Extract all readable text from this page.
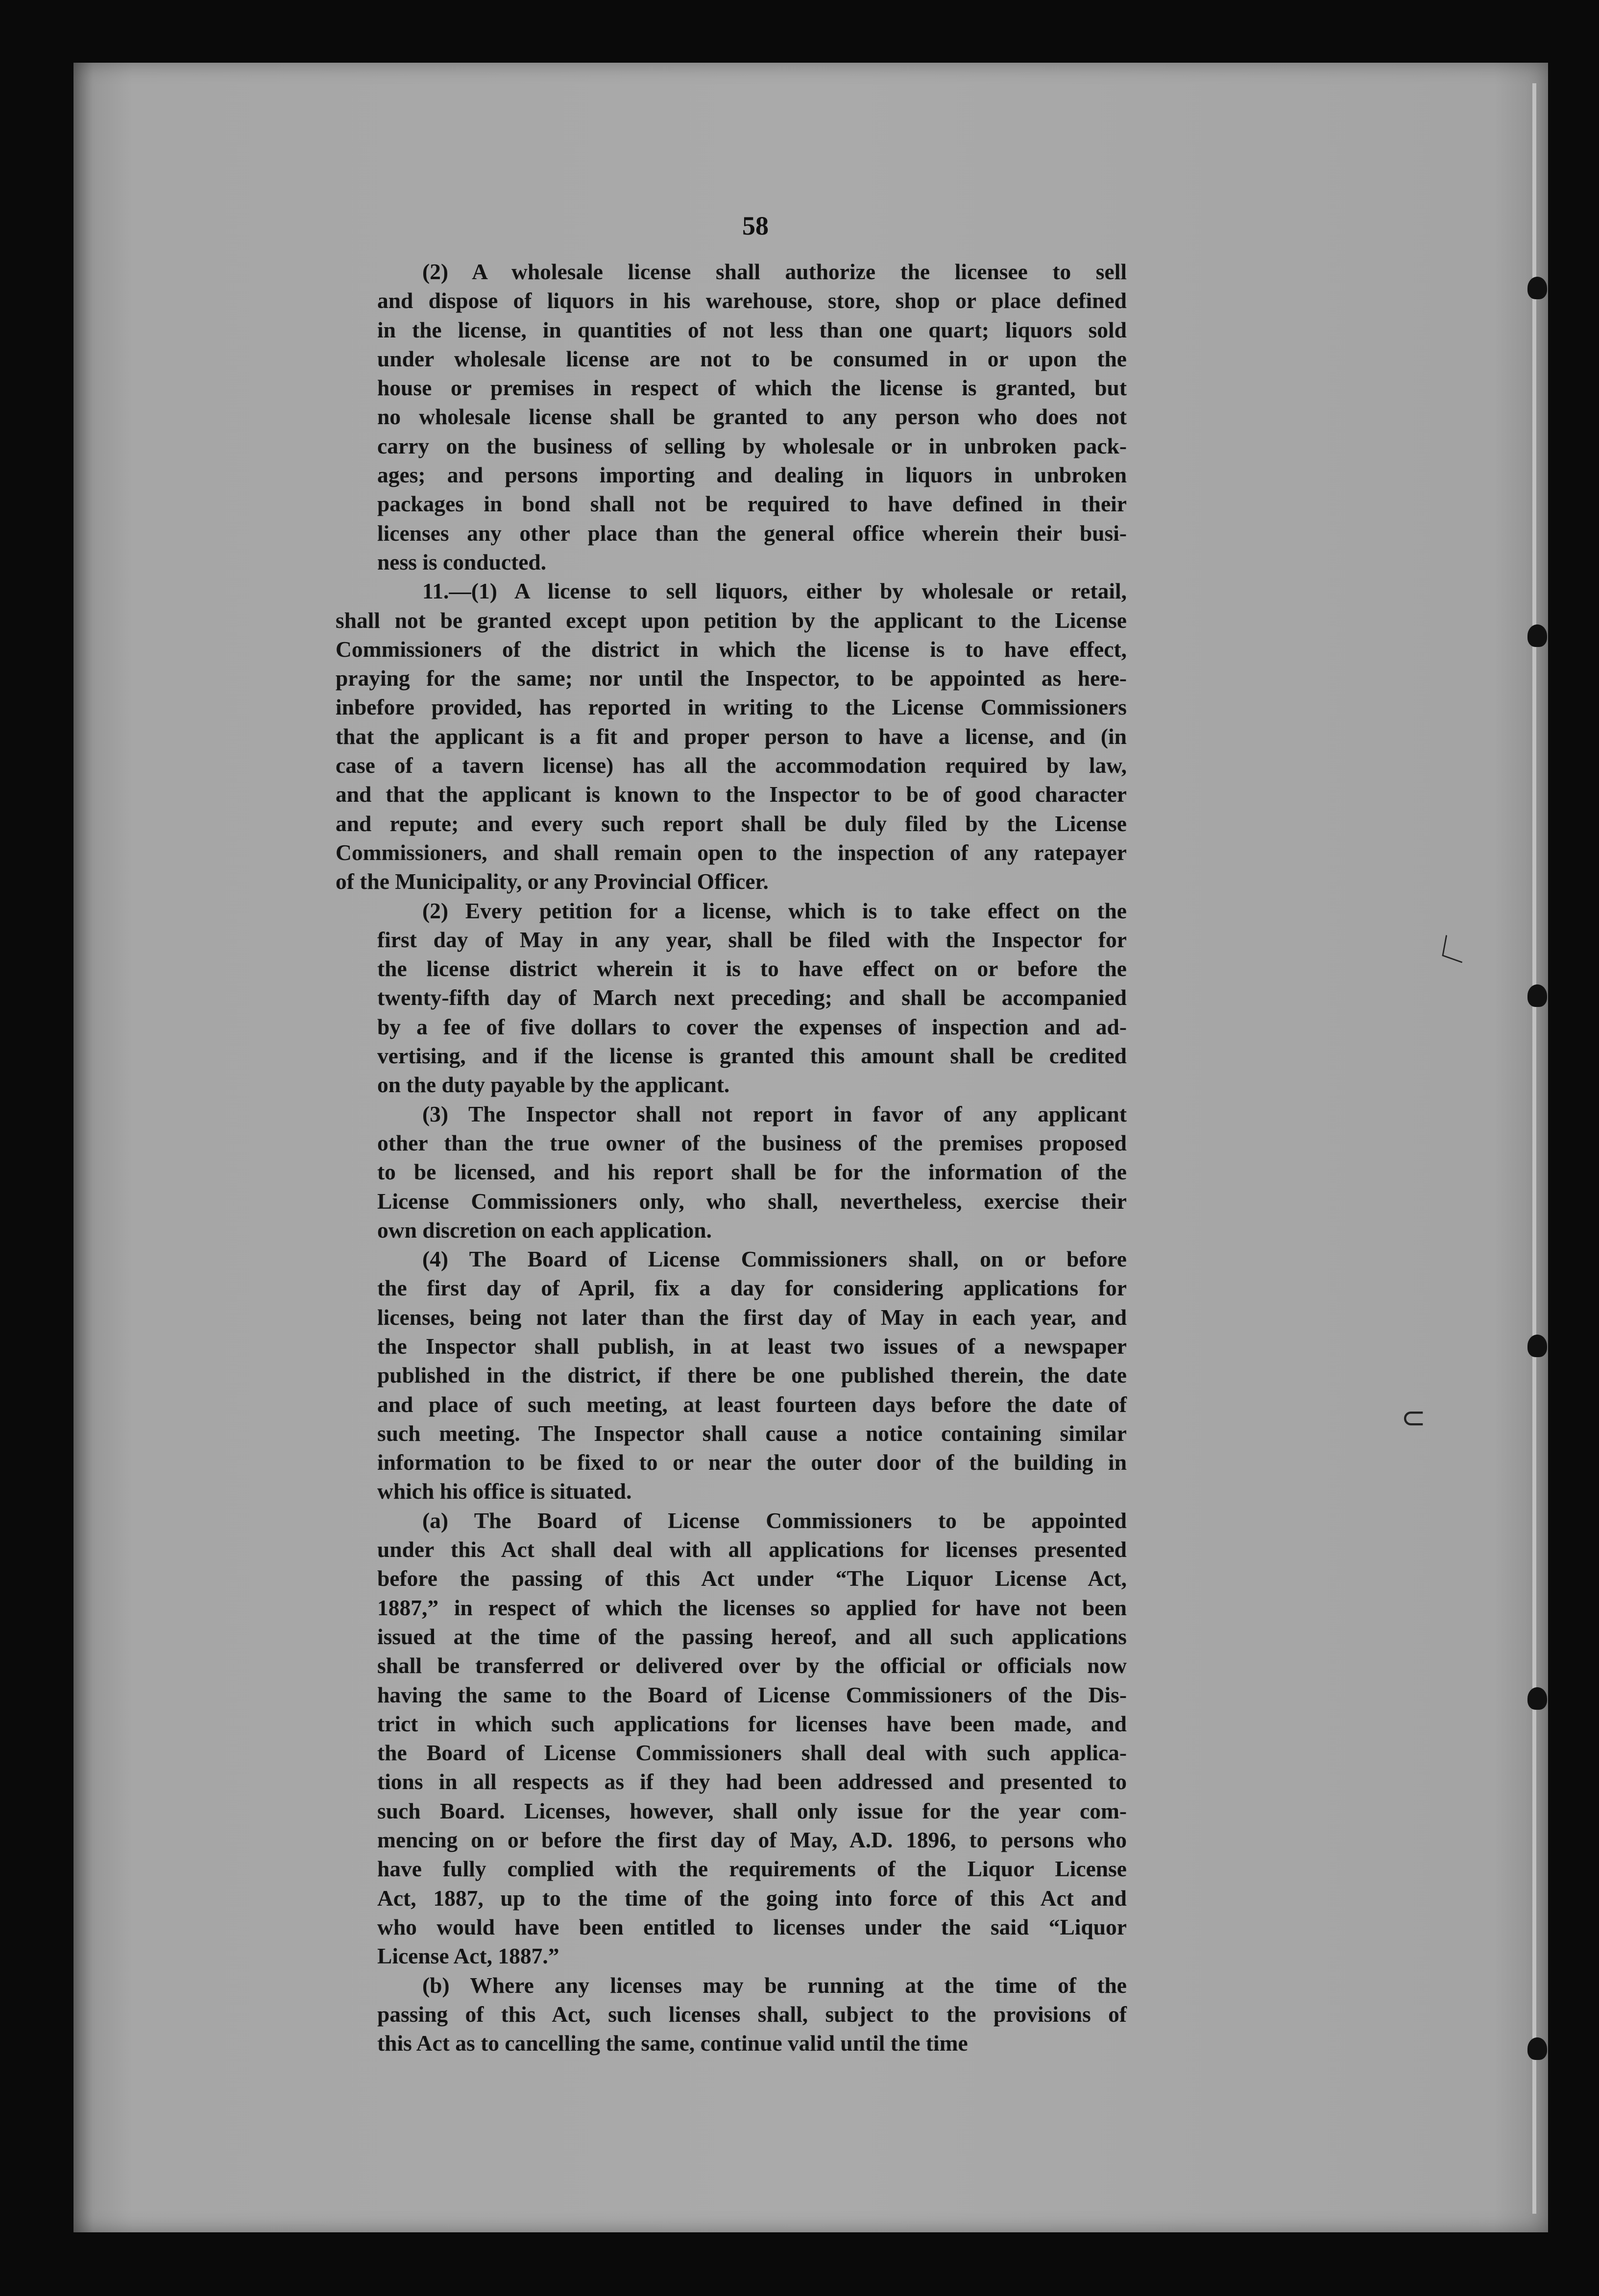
〈
⊂
58
(2) A wholesale license shall authorize the licensee to sell
and dispose of liquors in his warehouse, store, shop or place defined
in the license, in quantities of not less than one quart; liquors sold
under wholesale license are not to be consumed in or upon the
house or premises in respect of which the license is granted, but
no wholesale license shall be granted to any person who does not
carry on the business of selling by wholesale or in unbroken pack-
ages; and persons importing and dealing in liquors in unbroken
packages in bond shall not be required to have defined in their
licenses any other place than the general office wherein their busi-
ness is conducted.
11.—(1) A license to sell liquors, either by wholesale or retail,
shall not be granted except upon petition by the applicant to the License
Commissioners of the district in which the license is to have effect,
praying for the same; nor until the Inspector, to be appointed as here-
inbefore provided, has reported in writing to the License Commissioners
that the applicant is a fit and proper person to have a license, and (in
case of a tavern license) has all the accommodation required by law,
and that the applicant is known to the Inspector to be of good character
and repute; and every such report shall be duly filed by the License
Commissioners, and shall remain open to the inspection of any ratepayer
of the Municipality, or any Provincial Officer.
(2) Every petition for a license, which is to take effect on the
first day of May in any year, shall be filed with the Inspector for
the license district wherein it is to have effect on or before the
twenty-fifth day of March next preceding; and shall be accompanied
by a fee of five dollars to cover the expenses of inspection and ad-
vertising, and if the license is granted this amount shall be credited
on the duty payable by the applicant.
(3) The Inspector shall not report in favor of any applicant
other than the true owner of the business of the premises proposed
to be licensed, and his report shall be for the information of the
License Commissioners only, who shall, nevertheless, exercise their
own discretion on each application.
(4) The Board of License Commissioners shall, on or before
the first day of April, fix a day for considering applications for
licenses, being not later than the first day of May in each year, and
the Inspector shall publish, in at least two issues of a newspaper
published in the district, if there be one published therein, the date
and place of such meeting, at least fourteen days before the date of
such meeting. The Inspector shall cause a notice containing similar
information to be fixed to or near the outer door of the building in
which his office is situated.
(a) The Board of License Commissioners to be appointed
under this Act shall deal with all applications for licenses presented
before the passing of this Act under “The Liquor License Act,
1887,” in respect of which the licenses so applied for have not been
issued at the time of the passing hereof, and all such applications
shall be transferred or delivered over by the official or officials now
having the same to the Board of License Commissioners of the Dis-
trict in which such applications for licenses have been made, and
the Board of License Commissioners shall deal with such applica-
tions in all respects as if they had been addressed and presented to
such Board. Licenses, however, shall only issue for the year com-
mencing on or before the first day of May, A.D. 1896, to persons who
have fully complied with the requirements of the Liquor License
Act, 1887, up to the time of the going into force of this Act and
who would have been entitled to licenses under the said “Liquor
License Act, 1887.”
(b) Where any licenses may be running at the time of the
passing of this Act, such licenses shall, subject to the provisions of
this Act as to cancelling the same, continue valid until the time
